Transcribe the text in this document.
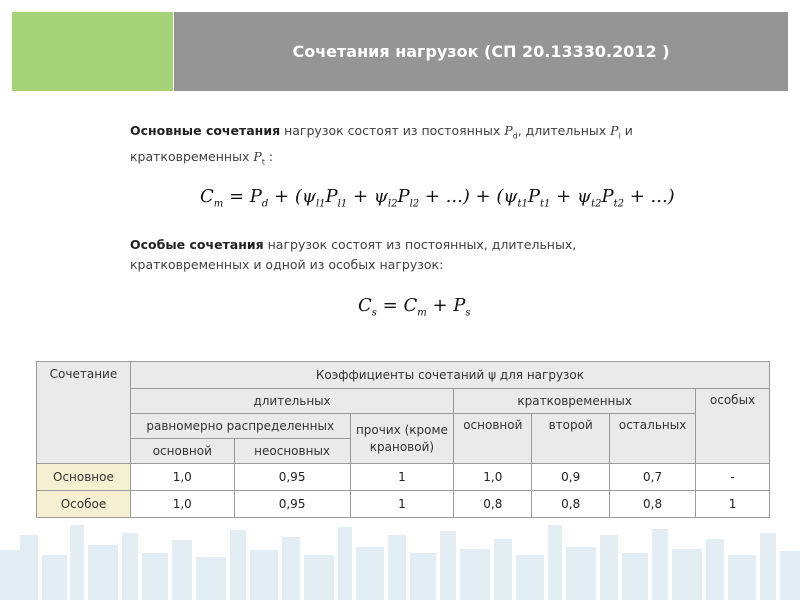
Сочетания нагрузок (СП 20.13330.2012 )
Основные сочетания нагрузок состоят из постоянных $P_d$, длительных $P_l$ и кратковременных $P_t$ :
$C_m = P_d + (\psi_{l1}P_{l1} + \psi_{l2}P_{l2}$ + ...) + ($\psi_{t1}P_{t1} + \psi_{t2}P_{t2}$ + ...)
Особые сочетания нагрузок состоят из постоянных, длительных, кратковременных и одной из особых нагрузок:
$C_s = C_m + P_s$
Сочетание	Коэффициенты сочетаний ψ для нагрузок						
	длительных			кратковременных			особых
	равномерно распределенных		прочих (кроме крановой)	основной	второй	остальных	
	основной	неосновных					
Основное	1,0	0,95	1	1,0	0,9	0,7	-
Особое	1,0	0,95	1	0,8	0,8	0,8	1
